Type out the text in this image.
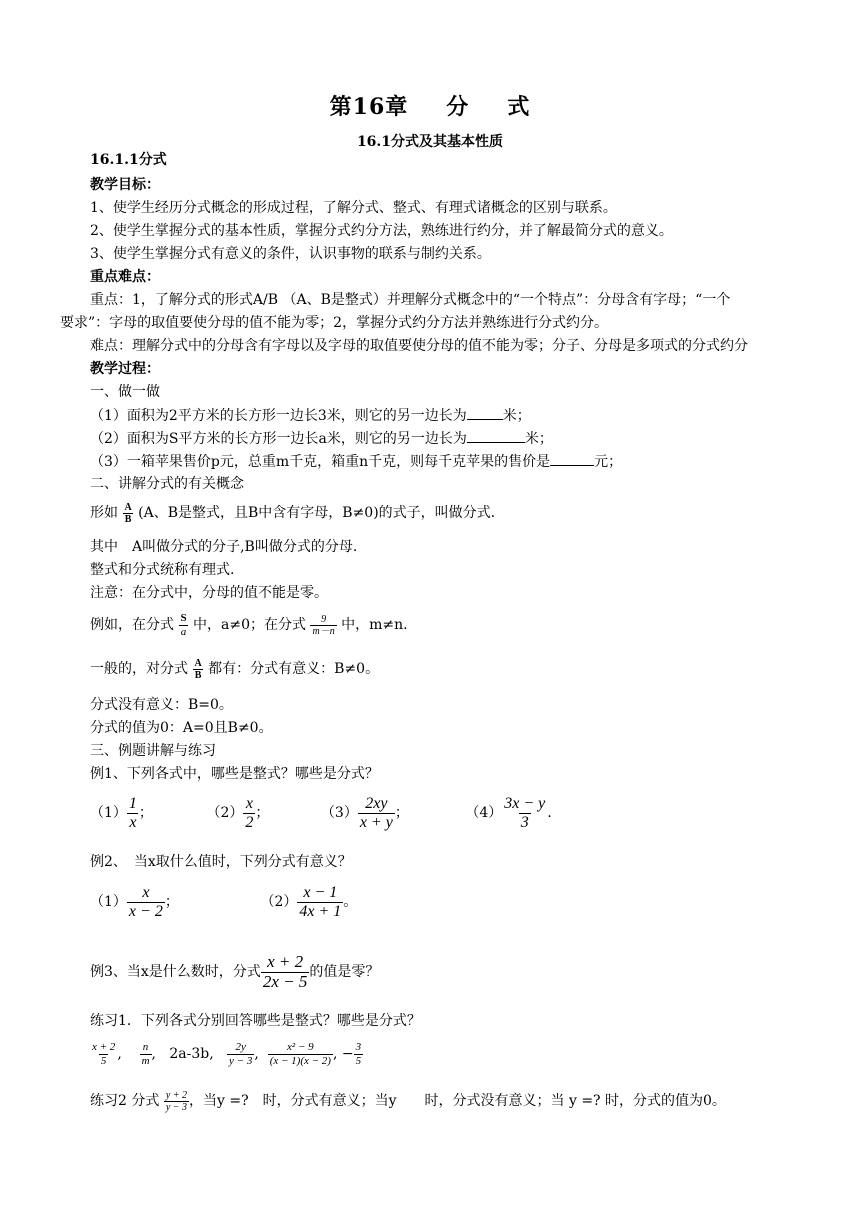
第16章 分 式
16.1分式及其基本性质
16.1.1分式
教学目标：
1、使学生经历分式概念的形成过程，了解分式、整式、有理式诸概念的区别与联系。
2、使学生掌握分式的基本性质，掌握分式约分方法，熟练进行约分，并了解最简分式的意义。
3、使学生掌握分式有意义的条件，认识事物的联系与制约关系。
重点难点：
重点：1，了解分式的形式A/B （A、B是整式）并理解分式概念中的“一个特点”：分母含有字母；“一个
要求”：字母的取值要使分母的值不能为零；2，掌握分式约分方法并熟练进行分式约分。
难点：理解分式中的分母含有字母以及字母的取值要使分母的值不能为零；分子、分母是多项式的分式约分
教学过程：
一、做一做
（1）面积为2平方米的长方形一边长3米，则它的另一边长为	米；
（2）面积为S平方米的长方形一边长a米，则它的另一边长为	米；
（3）一箱苹果售价p元，总重m千克，箱重n千克，则每千克苹果的售价是	元；
二、讲解分式的有关概念
形如 $\frac{A}{B} (A$、B是整式，且B中含有字母，B≠0)的式子，叫做分式.
其中　A叫做分式的分子,B叫做分式的分母.
整式和分式统称有理式.
注意：在分式中，分母的值不能是零。
例如，在分式 $\frac{S}{a}$ 中，a≠0；在分式 $\frac{9}{m-n}$ 中，m≠n.
一般的，对分式 $\frac{A}{B}$ 都有：分式有意义：B≠0。
分式没有意义：B=0。
分式的值为0：A=0且B≠0。
三、例题讲解与练习
例1、下列各式中，哪些是整式？哪些是分式？
$(1) \frac{1}{x}$ ；	$(2) \frac{x}{2}$ ；	$(3) \frac{2xy}{x + y}$ ；	$(4) \frac{3x - y}{3}$ .
例2、　当x取什么值时，下列分式有意义？
$(1) \frac{x}{x - 2}$ ；	$(2) \frac{x - 1}{4x + 1}$ 。
例3、当x是什么数时，分式 $\frac{x + 2}{2x - 5}$ 的值是零？
练习1．下列各式分别回答哪些是整式？哪些是分式？
$\frac{x + 2}{5}$ , $\frac{n}{m}$ , 2a-3b, $\frac{2y}{y - 3}$ , $\frac{\text{x² − 9}}{(x - 1)(x - 2)}$ , − $\frac{3}{5}$
练习2 分式 $\frac{y + 2}{y - 3}$ ，当y =?　时，分式有意义；当y　　时，分式没有意义；当 y =? 时，分式的值为0。
